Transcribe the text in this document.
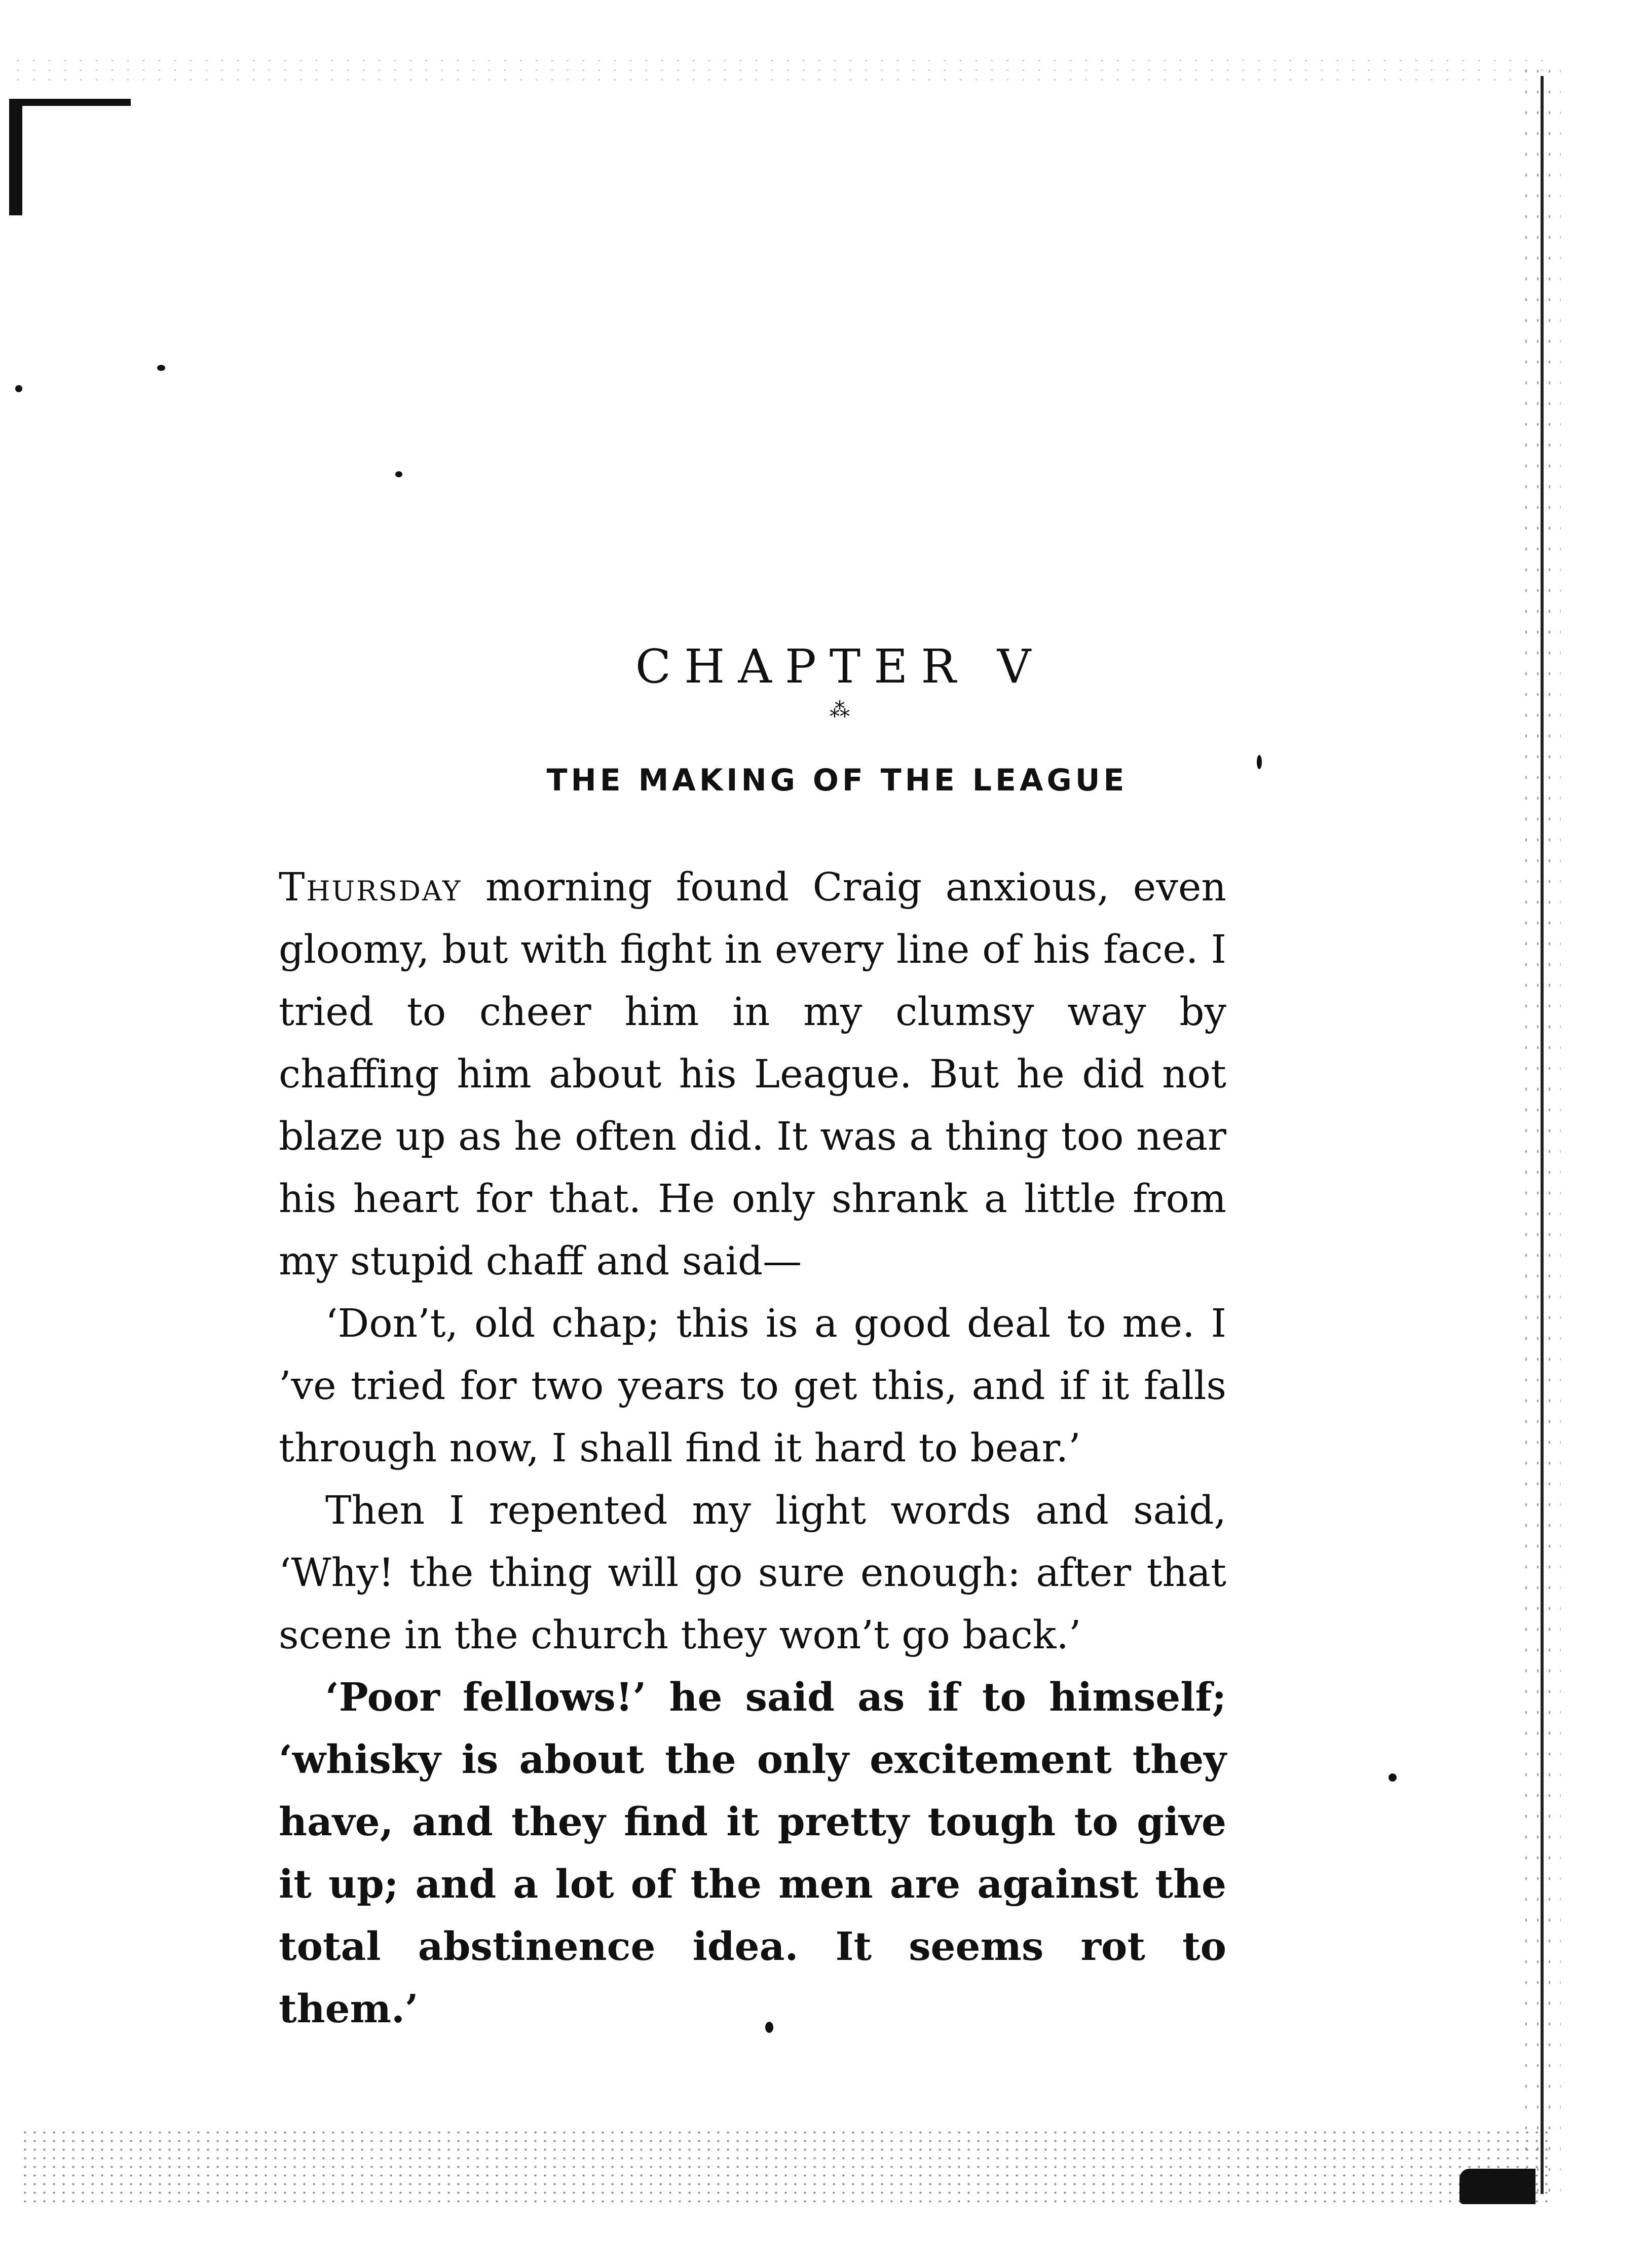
CHAPTER V
⁂
THE MAKING OF THE LEAGUE

Thursday morning found Craig anxious, even gloomy, but with fight in every line of his face. I tried to cheer him in my clumsy way by chaffing him about his League. But he did not blaze up as he often did. It was a thing too near his heart for that. He only shrank a little from my stupid chaff and said—

‘Don’t, old chap; this is a good deal to me. I ’ve tried for two years to get this, and if it falls through now, I shall find it hard to bear.’

Then I repented my light words and said, ‘Why! the thing will go sure enough: after that scene in the church they won’t go back.’

‘Poor fellows!’ he said as if to himself; ‘whisky is about the only excitement they have, and they find it pretty tough to give it up; and a lot of the men are against the total abstinence idea. It seems rot to them.’
